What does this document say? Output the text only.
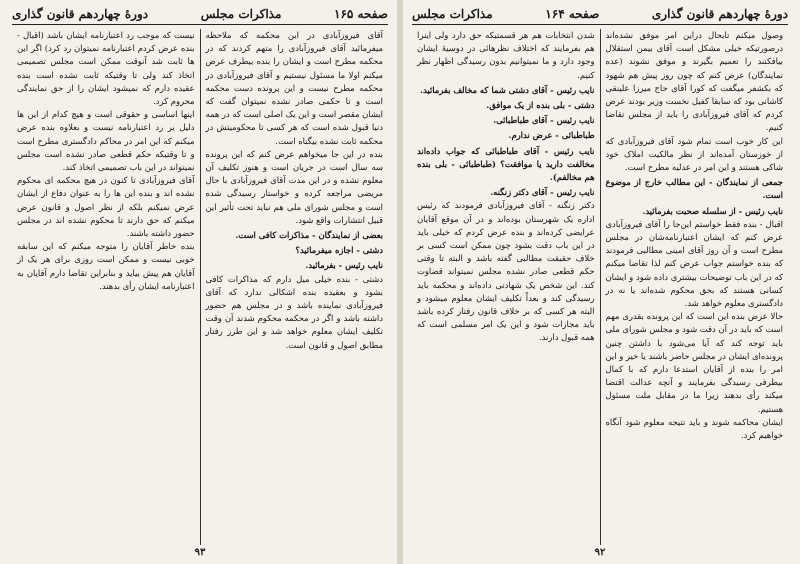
صفحه ۱۶۵
مذاکرات مجلس
دورهٔ چهاردهم قانون گذاری

آقای فیروزآبادی در این محکمه که ملاحظه میفرمائید آقای فیروزآبادی را متهم کردند که در محکمه مطرح است و ایشان را بنده بیطرف عرض میکنم اولا ما مسئول نیستیم و آقای فیروزآبادی در محکمه مطرح نیست و این پرونده دست محکمه است و تا حکمی صادر نشده نمیتوان گفت که ایشان مقصر است و این یک اصلی است که در همه دنیا قبول شده است که هر کسی تا محکومیتش در محکمه ثابت نشده بیگناه است.

بنده در این جا میخواهم عرض کنم که این پرونده سه سال است در جریان است و هنوز تکلیف آن معلوم نشده و در این مدت آقای فیروزآبادی با حال مریضی مراجعه کرده و خواستار رسیدگی شده است و مجلس شورای ملی هم نباید تحت تأثیر این قبیل انتشارات واقع شود.

بعضی از نمایندگان - مذاکرات کافی است.

دشتی - اجازه میفرمائید؟

نایب رئیس - بفرمائید.

دشتی - بنده خیلی میل دارم که مذاکرات کافی بشود و بعقیده بنده اشکالی ندارد که آقای فیروزآبادی نماینده باشد و در مجلس هم حضور داشته باشد و اگر در محکمه محکوم شدند آن وقت تکلیف ایشان معلوم خواهد شد و این طرز رفتار مطابق اصول و قانون است.

نیست که موجب رد اعتبارنامه ایشان باشد (اقبال - بنده عرض کردم اعتبارنامه نمیتوان رد کرد) اگر این ها ثابت شد آنوقت ممکن است مجلس تصمیمی اتخاذ کند ولی تا وقتیکه ثابت نشده است بنده عقیده دارم که نمیشود ایشان را از حق نمایندگی محروم کرد.

اینها اساسی و حقوقی است و هیچ کدام از این ها دلیل بر رد اعتبارنامه نیست و بعلاوه بنده عرض میکنم که این امر در محاکم دادگستری مطرح است و تا وقتیکه حکم قطعی صادر نشده است مجلس نمیتواند در این باب تصمیمی اتخاذ کند.

آقای فیروزآبادی تا کنون در هیچ محکمه ای محکوم نشده اند و بنده این ها را به عنوان دفاع از ایشان عرض نمیکنم بلکه از نظر اصول و قانون عرض میکنم که حق دارند تا محکوم نشده اند در مجلس حضور داشته باشند.

بنده خاطر آقایان را متوجه میکنم که این سابقه خوبی نیست و ممکن است روزی برای هر یک از آقایان هم پیش بیاید و بنابراین تقاضا دارم آقایان به اعتبارنامه ایشان رأی بدهند.

۹۳
دورهٔ چهاردهم قانون گذاری
صفحه ۱۶۴
مذاکرات مجلس

وصول میکنم تابحال دراین امر موفق نشده‌اند درصورتیکه خیلی مشکل است آقای بیمن استقلال بیافکنند را تعمیم بگیرند و موفق نشوند (عده نمایندگان) عرض کنم که چون روز پیش هم شهود که بکشفر میگفت که کورا آقای حاج میرزا علینقی کاشانی بود که سابقا کفیل نخست وزیر بودند عرض کردم که آقای فیروزآبادی را باید از مجلس تقاضا کنیم.

این کار خوب است تمام شود آقای فیروزآبادی که از خوزستان آمده‌اند از نظر مالکیت املاک خود شاکی هستند و این امر در عدلیه مطرح است.

جمعی از نمایندگان - این مطالب خارج از موضوع است.

نایب رئیس - از سلسله صحبت بفرمائید.

اقبال - بنده فقط خواستم این‌جا را آقای فیروزآبادی عرض کنم که ایشان اعتبارنامه‌شان در مجلس مطرح است و آن روز آقای امینی مطالبی فرمودند که بنده خواستم جواب عرض کنم لذا تقاضا میکنم که در این باب توضیحات بیشتری داده شود و ایشان کسانی هستند که بحق محکوم شده‌اند یا نه در دادگستری معلوم خواهد شد.

حالا عرض بنده این است که این پرونده بقدری مهم است که باید در آن دقت شود و مجلس شورای ملی باید توجه کند که آیا می‌شود با داشتن چنین پرونده‌ای ایشان در مجلس حاضر باشند یا خیر و این امر را بنده از آقایان استدعا دارم که با کمال بیطرفی رسیدگی بفرمایند و آنچه عدالت اقتضا میکند رأی بدهند زیرا ما در مقابل ملت مسئول هستیم.

ایشان محاکمه شوند و باید نتیجه معلوم شود آنگاه خواهیم کرد.

شدن انتخابات هم هر قسمتیکه حق دارد ولی اینرا هم بفرمایند که اختلاف نظرهائی در دوسیهٔ ایشان وجود دارد و ما نمیتوانیم بدون رسیدگی اظهار نظر کنیم.

نایب رئیس - آقای دشتی شما که مخالف بفرمائید.

دشتی - بلی بنده از یک موافق.

نایب رئیس - آقای طباطبائی.

طباطبائی - عرض ندارم.

نایب رئیس - آقای طباطبائی که جواب داده‌اند مخالفت دارید یا موافقت؟ (طباطبائی - بلی بنده هم مخالفم).

نایب رئیس - آقای دکتر زنگنه.

دکتر زنگنه - آقای فیروزآبادی فرمودند که رئیس اداره یک شهرستان بوده‌اند و در آن موقع آقایان عرایضی کرده‌اند و بنده عرض کردم که خیلی باید در این باب دقت بشود چون ممکن است کسی بر خلاف حقیقت مطالبی گفته باشد و البته تا وقتی حکم قطعی صادر نشده مجلس نمیتواند قضاوت کند. این شخص یک شهادتی داده‌اند و محکمه باید رسیدگی کند و بعداً تکلیف ایشان معلوم میشود و البته هر کسی که بر خلاف قانون رفتار کرده باشد باید مجازات شود و این یک امر مسلمی است که همه قبول دارند.

۹۲
